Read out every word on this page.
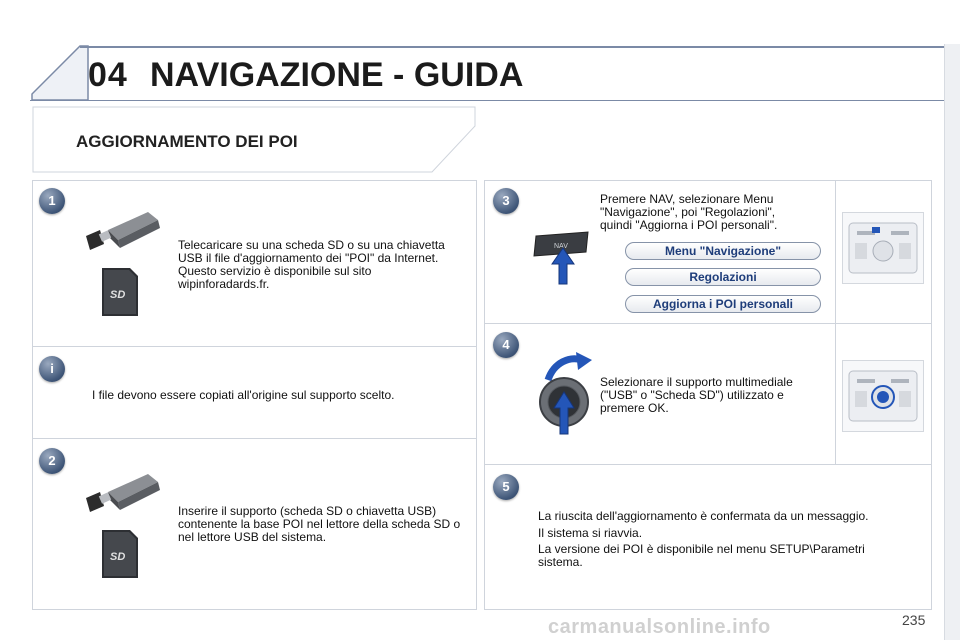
04 NAVIGAZIONE - GUIDA
AGGIORNAMENTO DEI POI
1
SD
Telecaricare su una scheda SD o su una chiavetta USB il file d'aggiornamento dei "POI" da Internet. Questo servizio è disponibile sul sito wipinforadards.fr.
i
I file devono essere copiati all'origine sul supporto scelto.
2
SD
Inserire il supporto (scheda SD o chiavetta USB) contenente la base POI nel lettore della scheda SD o nel lettore USB del sistema.
3
NAV
Premere NAV, selezionare Menu "Navigazione", poi "Regolazioni", quindi "Aggiorna i POI personali".
Menu "Navigazione"
Regolazioni
Aggiorna i POI personali
4
Selezionare il supporto multimediale ("USB" o "Scheda SD") utilizzato e premere OK.
5
La riuscita dell'aggiornamento è confermata da un messaggio.
Il sistema si riavvia.
La versione dei POI è disponibile nel menu SETUP\Parametri sistema.
carmanualsonline.info	235
